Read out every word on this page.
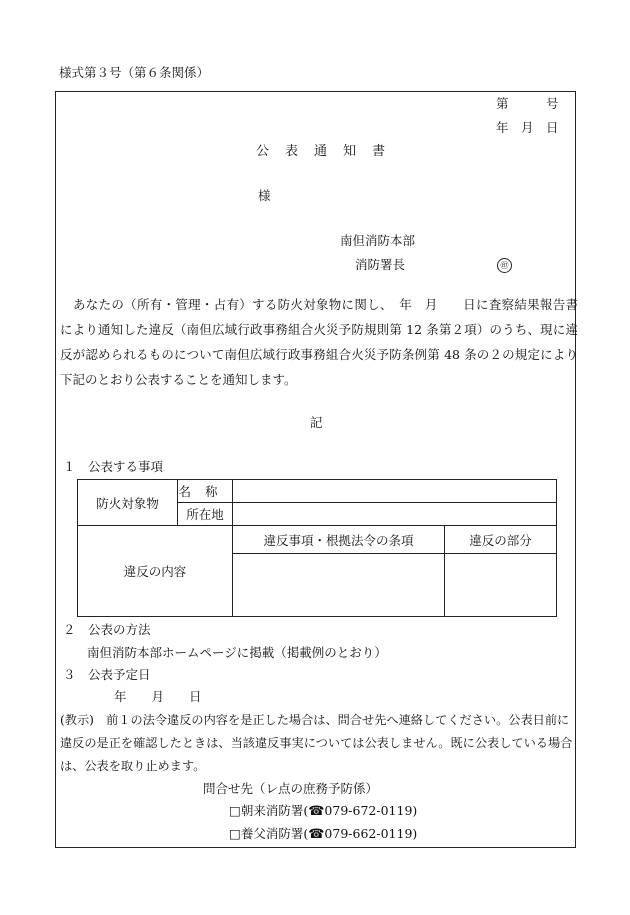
様式第３号（第６条関係）
第　　　号
年　月　日
公表通知書
様
南但消防本部
消防署長	㊞
あなたの（所有・管理・占有）する防火対象物に関し、　年　月　　日に査察結果報告書により通知した違反（南但広域行政事務組合火災予防規則第 12 条第２項）のうち、現に違反が認められるものについて南但広域行政事務組合火災予防条例第 48 条の２の規定により下記のとおり公表することを通知します。
記
１　公表する事項
防火対象物	名称		
	所在地		
違反の内容		違反事項・根拠法令の条項	違反の部分

２　公表の方法
南但消防本部ホームページに掲載（掲載例のとおり）
３　公表予定日
年　　月　　日
(教示)　前１の法令違反の内容を是正した場合は、問合せ先へ連絡してください。公表日前に
違反の是正を確認したときは、当該違反事実については公表しません。既に公表している場合
は、公表を取り止めます。
問合せ先（レ点の庶務予防係）
□朝来消防署(☎079-672-0119)
□養父消防署(☎079-662-0119)
